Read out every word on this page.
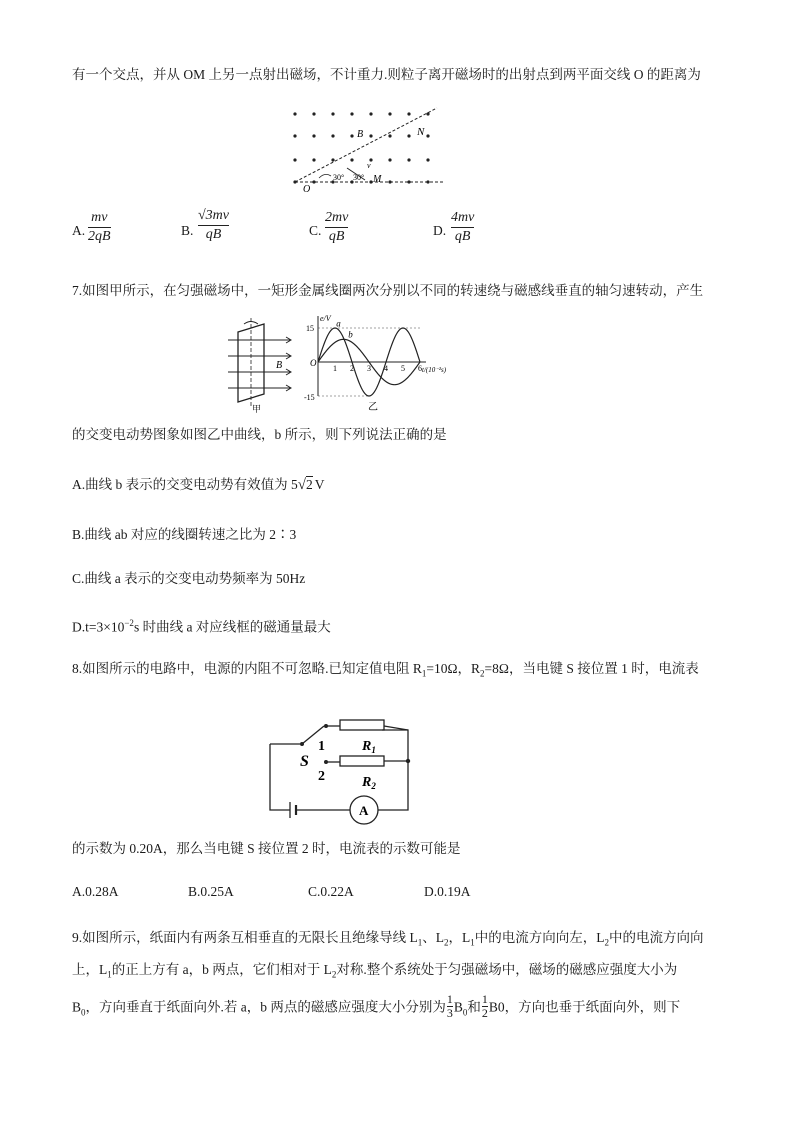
有一个交点，并从 OM 上另一点射出磁场，不计重力.则粒子离开磁场时的出射点到两平面交线 O 的距离为
B	N
O
M
v
30° 30°
A.
mv
2qB	B.
√3mv
qB	C.
2mv
qB	D.
4mv
qB
7.如图甲所示，在匀强磁场中，一矩形金属线圈两次分别以不同的转速绕与磁感线垂直的轴匀速转动，产生
B
甲
e/V
t/(10⁻²s)
O
15
-15
乙
1 2 3 4 5 6
a
b
的交变电动势图象如图乙中曲线，b 所示，则下列说法正确的是
A.曲线 b 表示的交变电动势有效值为 5√2 V
B.曲线 ab 对应的线圈转速之比为 2∶3
C.曲线 a 表示的交变电动势频率为 50Hz
$D.t=3\times 10^{-2}s$ 时曲线 a 对应线框的磁通量最大
8.如图所示的电路中，电源的内阻不可忽略.已知定值电阻 $R_1=10\Omega$，$R_2=8\Omega$，当电键 S 接位置 1 时，电流表
S
1
2
$R_1$
$R_2$
A
的示数为 0.20A，那么当电键 S 接位置 2 时，电流表的示数可能是
A.0.28A	B.0.25A	C.0.22A	D.0.19A
9.如图所示，纸面内有两条互相垂直的无限长且绝缘导线 $L_1$、$L_2$，$L_1$中的电流方向向左，$L_2$中的电流方向向
上，$L_1$的正上方有 a，b 两点，它们相对于 $L_2$对称.整个系统处于匀强磁场中，磁场的磁感应强度大小为
$B_0$，方向垂直于纸面向外.若 a，b 两点的磁感应强度大小分别为 $\frac{1}{3} B_0$和 $\frac{1}{2} B0$，方向也垂于纸面向外，则下
